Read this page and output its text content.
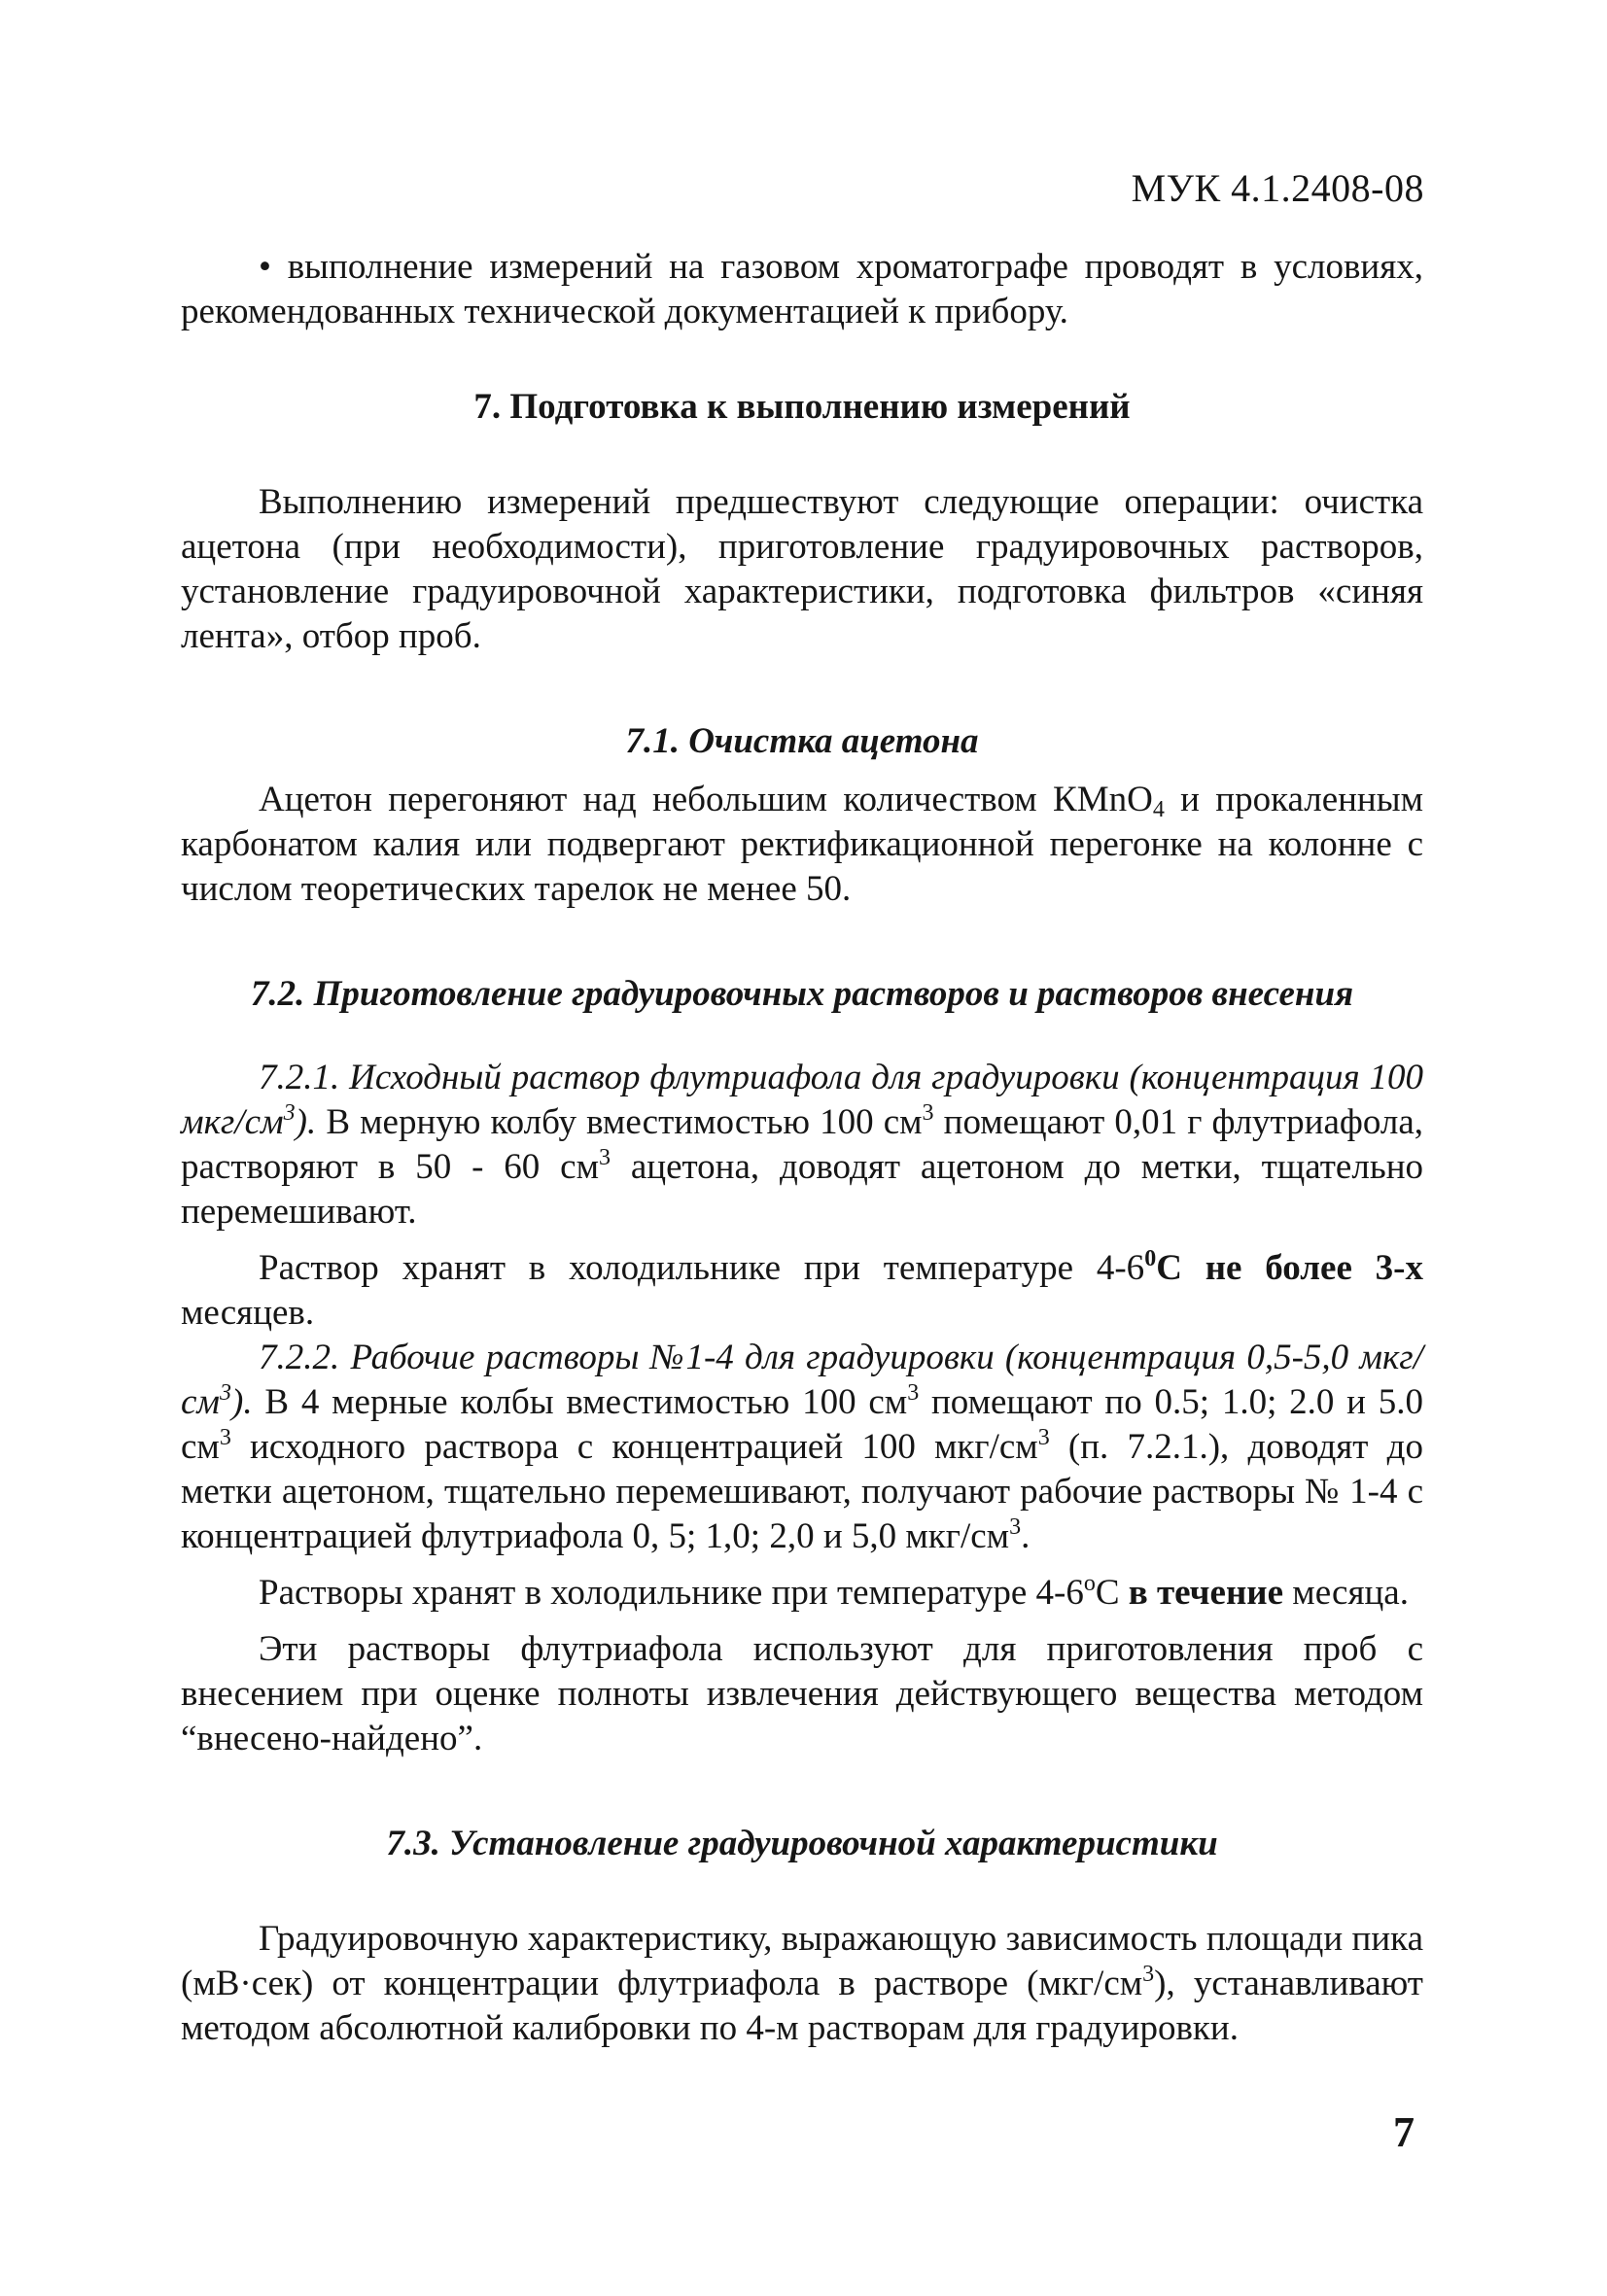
МУК 4.1.2408-08

• выполнение измерений на газовом хроматографе проводят в условиях, рекомендованных технической документацией к прибору.

7. Подготовка к выполнению измерений

Выполнению измерений предшествуют следующие операции: очистка ацетона (при необходимости), приготовление градуировочных растворов, установление градуировочной характеристики, подготовка фильтров «синяя лента», отбор проб.

7.1. Очистка ацетона

Ацетон перегоняют над небольшим количеством КMnO$_4$ и прокаленным карбонатом калия или подвергают ректификационной перегонке на колонне с числом теоретических тарелок не менее 50.

7.2. Приготовление градуировочных растворов и растворов внесения

7.2.1. Исходный раствор флутриафола для градуировки (концентрация 100 мкг/$см^3$). В мерную колбу вместимостью 100 $см^3$ помещают 0,01 г флутриафола, растворяют в 50 - 60 $см^3$ ацетона, доводят ацетоном до метки, тщательно перемешивают.

Раствор хранят в холодильнике при температуре $4-6^0С$ не более 3-х месяцев.

7.2.2. Рабочие растворы №1-4 для градуировки (концентрация 0,5-5,0 мкг/$см^3$). В 4 мерные колбы вместимостью 100 $см^3$ помещают по 0.5; 1.0; 2.0 и 5.0 $см^3$ исходного раствора с концентрацией 100 мкг/$см^3$ (п. 7.2.1.), доводят до метки ацетоном, тщательно перемешивают, получают рабочие растворы № 1-4 с концентрацией флутриафола 0, 5; 1,0; 2,0 и 5,0 мкг/$см^3$.

Растворы хранят в холодильнике при температуре $4-6^оС$ в течение месяца.

Эти растворы флутриафола используют для приготовления проб с внесением при оценке полноты извлечения действующего вещества методом “внесено-найдено”.

7.3. Установление градуировочной характеристики

Градуировочную характеристику, выражающую зависимость площади пика (мВ·сек) от концентрации флутриафола в растворе $(мкг/см^3)$, устанавливают методом абсолютной калибровки по 4-м растворам для градуировки.

7
